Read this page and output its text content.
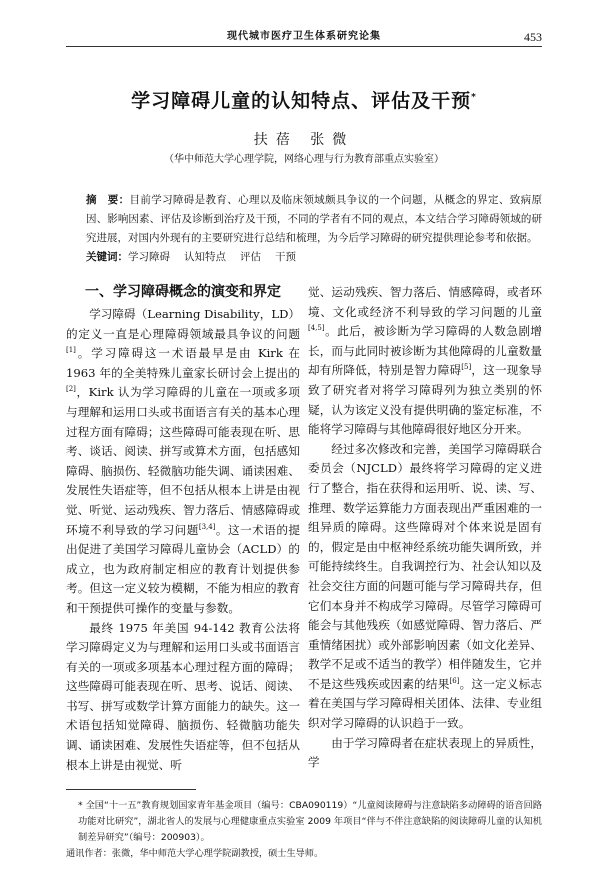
现代城市医疗卫生体系研究论集	453
学习障碍儿童的认知特点、评估及干预*
扶蓓 张微
（华中师范大学心理学院，网络心理与行为教育部重点实验室）
摘　要：目前学习障碍是教育、心理以及临床领域颇具争议的一个问题，从概念的界定、致病原因、影响因素、评估及诊断到治疗及干预，不同的学者有不同的观点，本文结合学习障碍领域的研究进展，对国内外现有的主要研究进行总结和梳理，为今后学习障碍的研究提供理论参考和依据。
关键词：学习障碍 认知特点 评估 干预
一、学习障碍概念的演变和界定

学习障碍（Learning Disability，LD）的定义一直是心理障碍领域最具争议的问题[1]。学习障碍这一术语最早是由 Kirk 在 1963 年的全美特殊儿童家长研讨会上提出的[2]，Kirk 认为学习障碍的儿童在一项或多项与理解和运用口头或书面语言有关的基本心理过程方面有障碍；这些障碍可能表现在听、思考、谈话、阅读、拼写或算术方面，包括感知障碍、脑损伤、轻微脑功能失调、诵读困难、发展性失语症等，但不包括从根本上讲是由视觉、听觉、运动残疾、智力落后、情感障碍或环境不利导致的学习问题[3,4]。这一术语的提出促进了美国学习障碍儿童协会（ACLD）的成立，也为政府制定相应的教育计划提供参考。但这一定义较为模糊，不能为相应的教育和干预提供可操作的变量与参数。

最终 1975 年美国 94-142 教育公法将学习障碍定义为与理解和运用口头或书面语言有关的一项或多项基本心理过程方面的障碍；这些障碍可能表现在听、思考、说话、阅读、书写、拼写或数学计算方面能力的缺失。这一术语包括知觉障碍、脑损伤、轻微脑功能失调、诵读困难、发展性失语症等，但不包括从根本上讲是由视觉、听

觉、运动残疾、智力落后、情感障碍，或者环境、文化或经济不利导致的学习问题的儿童[4,5]。此后，被诊断为学习障碍的人数急剧增长，而与此同时被诊断为其他障碍的儿童数量却有所降低，特别是智力障碍[5]，这一现象导致了研究者对将学习障碍列为独立类别的怀疑，认为该定义没有提供明确的鉴定标准，不能将学习障碍与其他障碍很好地区分开来。

经过多次修改和完善，美国学习障碍联合委员会（NJCLD）最终将学习障碍的定义进行了整合，指在获得和运用听、说、读、写、推理、数学运算能力方面表现出严重困难的一组异质的障碍。这些障碍对个体来说是固有的，假定是由中枢神经系统功能失调所致，并可能持续终生。自我调控行为、社会认知以及社会交往方面的问题可能与学习障碍共存，但它们本身并不构成学习障碍。尽管学习障碍可能会与其他残疾（如感觉障碍、智力落后、严重情绪困扰）或外部影响因素（如文化差异、教学不足或不适当的教学）相伴随发生，它并不是这些残疾或因素的结果[6]。这一定义标志着在美国与学习障碍相关团体、法律、专业组织对学习障碍的认识趋于一致。

由于学习障碍者在症状表现上的异质性，学

* 全国“十一五”教育规划国家青年基金项目（编号：CBA090119）“儿童阅读障碍与注意缺陷多动障碍的语音回路功能对比研究”，湖北省人的发展与心理健康重点实验室 2009 年项目“伴与不伴注意缺陷的阅读障碍儿童的认知机制差异研究”（编号：200903）。

通讯作者：张微，华中师范大学心理学院副教授，硕士生导师。
